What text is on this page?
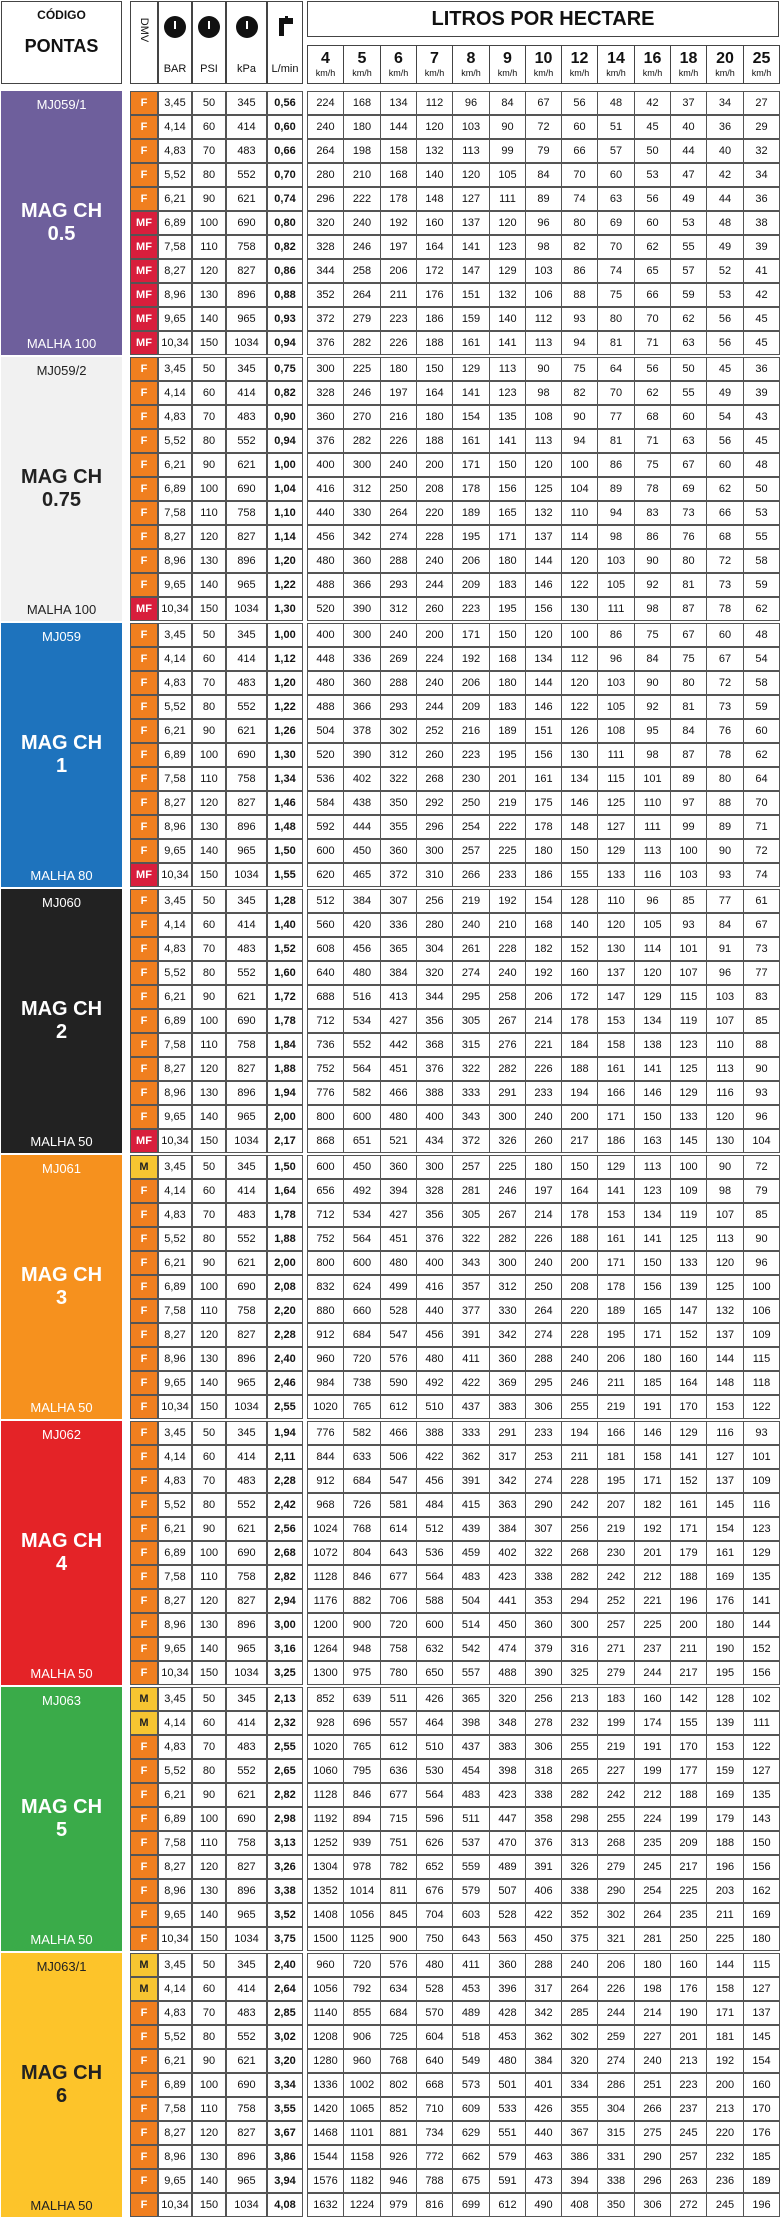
CÓDIGO
PONTAS
DMV
BAR	PSI	kPa	L/min
LITROS POR HECTARE
4
km/h
5
km/h
6
km/h
7
km/h
8
km/h
9
km/h
10
km/h
12
km/h
14
km/h
16
km/h
18
km/h
20
km/h
25
km/h
MJ059/1
MAG CH
0.5
MALHA 100
F	3,45	50	345	0,56	224	168	134	112	96	84	67	56	48	42	37	34	27
F	4,14	60	414	0,60	240	180	144	120	103	90	72	60	51	45	40	36	29
F	4,83	70	483	0,66	264	198	158	132	113	99	79	66	57	50	44	40	32
F	5,52	80	552	0,70	280	210	168	140	120	105	84	70	60	53	47	42	34
F	6,21	90	621	0,74	296	222	178	148	127	111	89	74	63	56	49	44	36
MF	6,89	100	690	0,80	320	240	192	160	137	120	96	80	69	60	53	48	38
MF	7,58	110	758	0,82	328	246	197	164	141	123	98	82	70	62	55	49	39
MF	8,27	120	827	0,86	344	258	206	172	147	129	103	86	74	65	57	52	41
MF	8,96	130	896	0,88	352	264	211	176	151	132	106	88	75	66	59	53	42
MF	9,65	140	965	0,93	372	279	223	186	159	140	112	93	80	70	62	56	45
MF 10,34	150	1034	0,94	376	282	226	188	161	141	113	94	81	71	63	56	45
MJ059/2
MAG CH
0.75
MALHA 100
F	3,45	50	345	0,75	300	225	180	150	129	113	90	75	64	56	50	45	36
F	4,14	60	414	0,82	328	246	197	164	141	123	98	82	70	62	55	49	39
F	4,83	70	483	0,90	360	270	216	180	154	135	108	90	77	68	60	54	43
F	5,52	80	552	0,94	376	282	226	188	161	141	113	94	81	71	63	56	45
F	6,21	90	621	1,00	400	300	240	200	171	150	120	100	86	75	67	60	48
F	6,89	100	690	1,04	416	312	250	208	178	156	125	104	89	78	69	62	50
F	7,58	110	758	1,10	440	330	264	220	189	165	132	110	94	83	73	66	53
F	8,27	120	827	1,14	456	342	274	228	195	171	137	114	98	86	76	68	55
F	8,96	130	896	1,20	480	360	288	240	206	180	144	120	103	90	80	72	58
F	9,65	140	965	1,22	488	366	293	244	209	183	146	122	105	92	81	73	59
MF 10,34	150	1034	1,30	520	390	312	260	223	195	156	130	111	98	87	78	62
MJ059
MAG CH
1
MALHA 80
F	3,45	50	345	1,00	400	300	240	200	171	150	120	100	86	75	67	60	48
F	4,14	60	414	1,12	448	336	269	224	192	168	134	112	96	84	75	67	54
F	4,83	70	483	1,20	480	360	288	240	206	180	144	120	103	90	80	72	58
F	5,52	80	552	1,22	488	366	293	244	209	183	146	122	105	92	81	73	59
F	6,21	90	621	1,26	504	378	302	252	216	189	151	126	108	95	84	76	60
F	6,89	100	690	1,30	520	390	312	260	223	195	156	130	111	98	87	78	62
F	7,58	110	758	1,34	536	402	322	268	230	201	161	134	115	101	89	80	64
F	8,27	120	827	1,46	584	438	350	292	250	219	175	146	125	110	97	88	70
F	8,96	130	896	1,48	592	444	355	296	254	222	178	148	127	111	99	89	71
F	9,65	140	965	1,50	600	450	360	300	257	225	180	150	129	113	100	90	72
MF 10,34	150	1034	1,55	620	465	372	310	266	233	186	155	133	116	103	93	74
MJ060
MAG CH
2
MALHA 50
F	3,45	50	345	1,28	512	384	307	256	219	192	154	128	110	96	85	77	61
F	4,14	60	414	1,40	560	420	336	280	240	210	168	140	120	105	93	84	67
F	4,83	70	483	1,52	608	456	365	304	261	228	182	152	130	114	101	91	73
F	5,52	80	552	1,60	640	480	384	320	274	240	192	160	137	120	107	96	77
F	6,21	90	621	1,72	688	516	413	344	295	258	206	172	147	129	115	103	83
F	6,89	100	690	1,78	712	534	427	356	305	267	214	178	153	134	119	107	85
F	7,58	110	758	1,84	736	552	442	368	315	276	221	184	158	138	123	110	88
F	8,27	120	827	1,88	752	564	451	376	322	282	226	188	161	141	125	113	90
F	8,96	130	896	1,94	776	582	466	388	333	291	233	194	166	146	129	116	93
F	9,65	140	965	2,00	800	600	480	400	343	300	240	200	171	150	133	120	96
MF 10,34	150	1034	2,17	868	651	521	434	372	326	260	217	186	163	145	130	104
MJ061
MAG CH
3
MALHA 50
M	3,45	50	345	1,50	600	450	360	300	257	225	180	150	129	113	100	90	72
F	4,14	60	414	1,64	656	492	394	328	281	246	197	164	141	123	109	98	79
F	4,83	70	483	1,78	712	534	427	356	305	267	214	178	153	134	119	107	85
F	5,52	80	552	1,88	752	564	451	376	322	282	226	188	161	141	125	113	90
F	6,21	90	621	2,00	800	600	480	400	343	300	240	200	171	150	133	120	96
F	6,89	100	690	2,08	832	624	499	416	357	312	250	208	178	156	139	125	100
F	7,58	110	758	2,20	880	660	528	440	377	330	264	220	189	165	147	132	106
F	8,27	120	827	2,28	912	684	547	456	391	342	274	228	195	171	152	137	109
F	8,96	130	896	2,40	960	720	576	480	411	360	288	240	206	180	160	144	115
F	9,65	140	965	2,46	984	738	590	492	422	369	295	246	211	185	164	148	118
F	10,34	150	1034	2,55	1020	765	612	510	437	383	306	255	219	191	170	153	122
MJ062
MAG CH
4
MALHA 50
F	3,45	50	345	1,94	776	582	466	388	333	291	233	194	166	146	129	116	93
F	4,14	60	414	2,11	844	633	506	422	362	317	253	211	181	158	141	127	101
F	4,83	70	483	2,28	912	684	547	456	391	342	274	228	195	171	152	137	109
F	5,52	80	552	2,42	968	726	581	484	415	363	290	242	207	182	161	145	116
F	6,21	90	621	2,56	1024	768	614	512	439	384	307	256	219	192	171	154	123
F	6,89	100	690	2,68	1072	804	643	536	459	402	322	268	230	201	179	161	129
F	7,58	110	758	2,82	1128	846	677	564	483	423	338	282	242	212	188	169	135
F	8,27	120	827	2,94	1176	882	706	588	504	441	353	294	252	221	196	176	141
F	8,96	130	896	3,00	1200	900	720	600	514	450	360	300	257	225	200	180	144
F	9,65	140	965	3,16	1264	948	758	632	542	474	379	316	271	237	211	190	152
F	10,34	150	1034	3,25	1300	975	780	650	557	488	390	325	279	244	217	195	156
MJ063
MAG CH
5
MALHA 50
M	3,45	50	345	2,13	852	639	511	426	365	320	256	213	183	160	142	128	102
M	4,14	60	414	2,32	928	696	557	464	398	348	278	232	199	174	155	139	111
F	4,83	70	483	2,55	1020	765	612	510	437	383	306	255	219	191	170	153	122
F	5,52	80	552	2,65	1060	795	636	530	454	398	318	265	227	199	177	159	127
F	6,21	90	621	2,82	1128	846	677	564	483	423	338	282	242	212	188	169	135
F	6,89	100	690	2,98	1192	894	715	596	511	447	358	298	255	224	199	179	143
F	7,58	110	758	3,13	1252	939	751	626	537	470	376	313	268	235	209	188	150
F	8,27	120	827	3,26	1304	978	782	652	559	489	391	326	279	245	217	196	156
F	8,96	130	896	3,38	1352	1014	811	676	579	507	406	338	290	254	225	203	162
F	9,65	140	965	3,52	1408	1056	845	704	603	528	422	352	302	264	235	211	169
F	10,34	150	1034	3,75	1500	1125	900	750	643	563	450	375	321	281	250	225	180
MJ063/1
MAG CH
6
MALHA 50
M	3,45	50	345	2,40	960	720	576	480	411	360	288	240	206	180	160	144	115
M	4,14	60	414	2,64	1056	792	634	528	453	396	317	264	226	198	176	158	127
F	4,83	70	483	2,85	1140	855	684	570	489	428	342	285	244	214	190	171	137
F	5,52	80	552	3,02	1208	906	725	604	518	453	362	302	259	227	201	181	145
F	6,21	90	621	3,20	1280	960	768	640	549	480	384	320	274	240	213	192	154
F	6,89	100	690	3,34	1336	1002	802	668	573	501	401	334	286	251	223	200	160
F	7,58	110	758	3,55	1420	1065	852	710	609	533	426	355	304	266	237	213	170
F	8,27	120	827	3,67	1468	1101	881	734	629	551	440	367	315	275	245	220	176
F	8,96	130	896	3,86	1544	1158	926	772	662	579	463	386	331	290	257	232	185
F	9,65	140	965	3,94	1576	1182	946	788	675	591	473	394	338	296	263	236	189
F	10,34	150	1034	4,08	1632	1224	979	816	699	612	490	408	350	306	272	245	196
